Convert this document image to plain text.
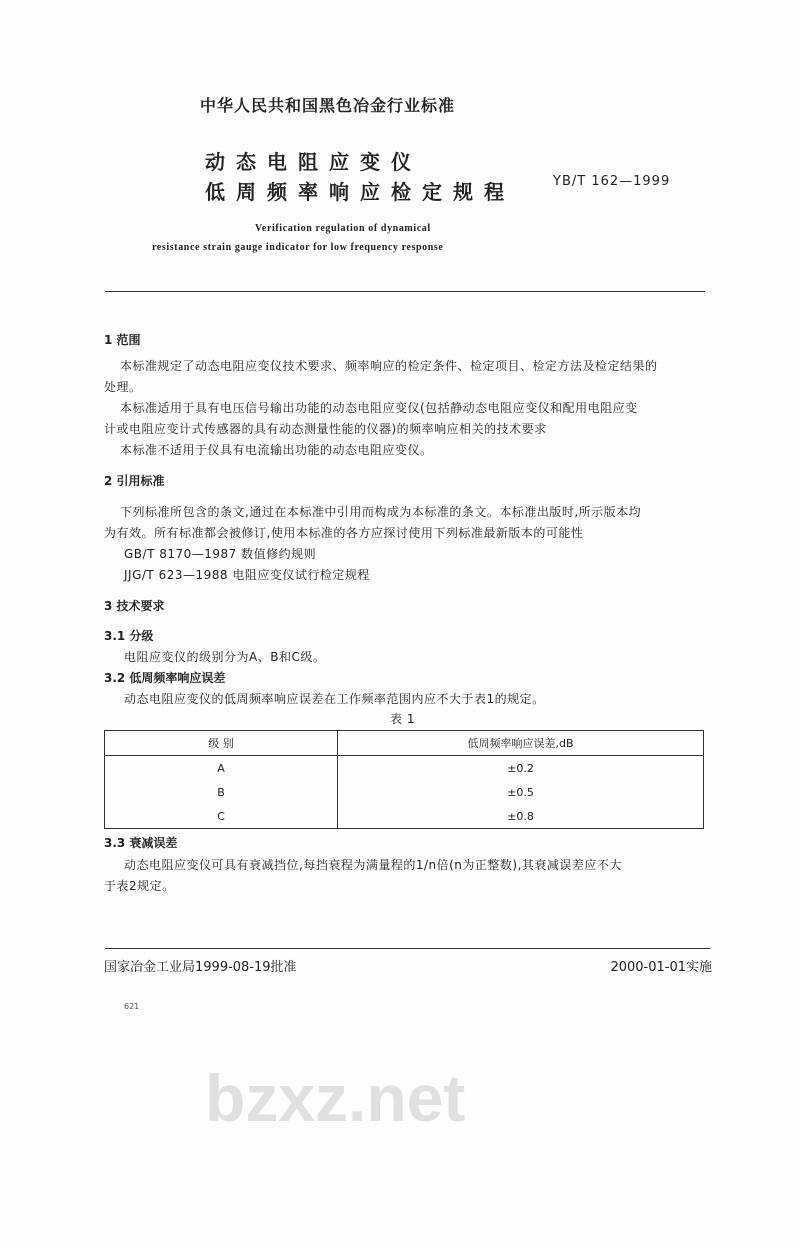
bzxz.net
中华人民共和国黑色冶金行业标准
动态电阻应变仪
低周频率响应检定规程	YB/T 162—1999
Verification regulation of dynamical
resistance strain gauge indicator for low frequency response
1 范围
本标准规定了动态电阻应变仪技术要求、频率响应的检定条件、检定项目、检定方法及检定结果的
处理。
本标准适用于具有电压信号输出功能的动态电阻应变仪(包括静动态电阻应变仪和配用电阻应变
计或电阻应变计式传感器的具有动态测量性能的仪器)的频率响应相关的技术要求
本标准不适用于仪具有电流输出功能的动态电阻应变仪。
2 引用标准
下列标准所包含的条文,通过在本标准中引用而构成为本标准的条文。本标准出版时,所示版本均
为有效。所有标准都会被修订,使用本标准的各方应探讨使用下列标准最新版本的可能性
GB/T 8170—1987 数值修约规则
JJG/T 623—1988 电阻应变仪试行检定规程
3 技术要求
3.1 分级
电阻应变仪的级别分为A、B和C级。
3.2 低周频率响应误差
动态电阻应变仪的低周频率响应误差在工作频率范围内应不大于表1的规定。
表 1
级 别	低周频率响应误差,dB
A	±0.2
B	±0.5
C	±0.8
3.3 衰减误差
动态电阻应变仪可具有衰减挡位,每挡衰程为满量程的1/n倍(n为正整数),其衰减误差应不大
于表2规定。
国家冶金工业局1999-08-19批准	2000-01-01实施
621
